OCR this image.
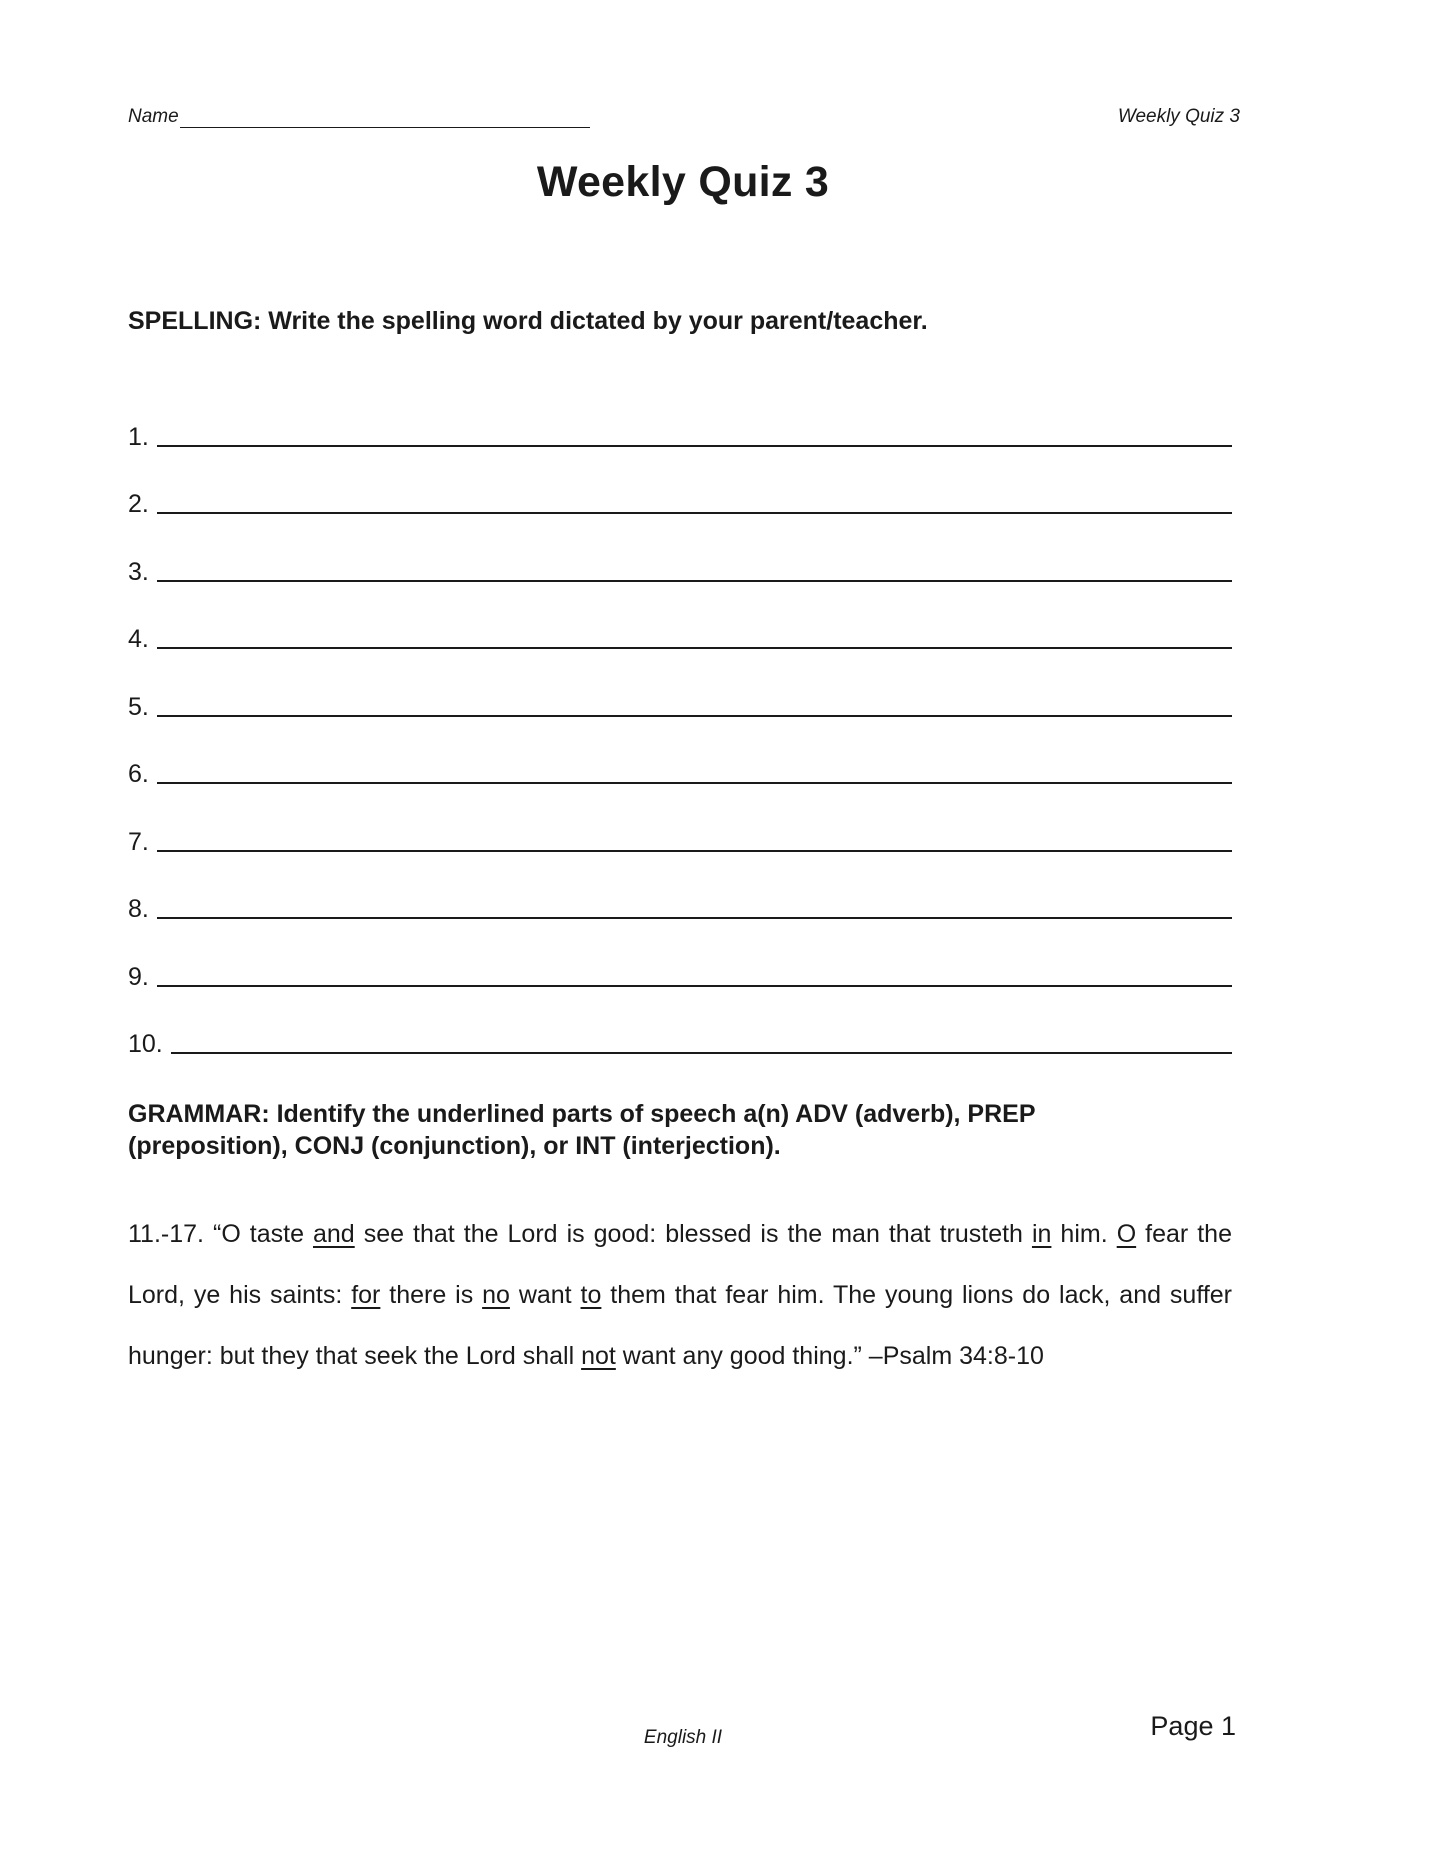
Name	Weekly Quiz 3
Weekly Quiz 3
SPELLING: Write the spelling word dictated by your parent/teacher.
1.
2.
3.
4.
5.
6.
7.
8.
9.
10.
GRAMMAR: Identify the underlined parts of speech a(n) ADV (adverb), PREP (preposition), CONJ (conjunction), or INT (interjection).
11.-17. “O taste and see that the Lord is good: blessed is the man that trusteth in him. O fear the Lord, ye his saints: for there is no want to them that fear him. The young lions do lack, and suffer hunger: but they that seek the Lord shall not want any good thing.” –Psalm 34:8-10
English II	Page 1
